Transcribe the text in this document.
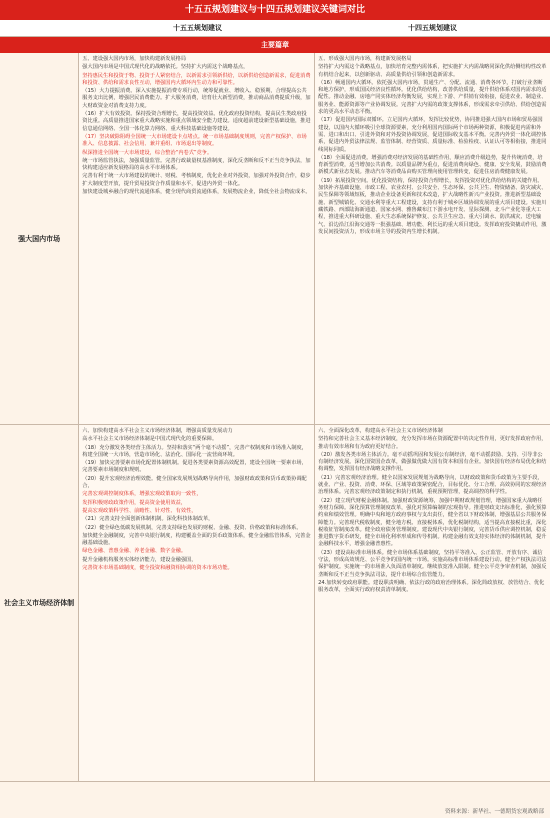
十五五规划建议与十四五规划建议关键词对比
十五五规划建议	十四五规划建议
主要篇章
强大国内市场

五、建设强大国内市场，加快构建新发展格局

强大国内市场是中国式现代化的战略依托。坚持扩大内需这个战略基点，

坚持惠民生和投资于物、投资于人紧密结合，以新需求引领新供给，以新供给创造新需求，促进消费和投资、供给和需求良性互动，增强国内大循环内生动力和可靠性。

（15）大力提振消费。深入实施提振消费专项行动，统筹促就业、增收入、稳预期，合理提高公共服务支出比例，增强居民消费能力。扩大服务消费，培育壮大新型消费，推动商品消费提质升级，加大财政资金对消费支持力度。

（16）扩大有效投资。保持投资合理增长，提高投资效益。优化政府投资结构，提高民生类政府投资比重。高质量推进国家重大战略实施和重点领域安全能力建设。适度超前建设新型基础设施，推进信息通信网络、全国一体化算力网络、重大科技基础设施等建设。

（17）坚决破除阻碍全国统一大市场建设卡点堵点。统一市场基础制度规则，完善产权保护、市场准入、信息披露、社会信用、兼并重组、市场退出等制度。

纵深推进全国统一大市场建设，综合整治“内卷式”竞争。

统一市场监管执法，加强质量监管。完善行政裁量权基准制度，深化反垄断和反不正当竞争执法，加快构建适应新发展格局的高水平市场体系。

完善有利于统一大市场建设的统计、财税、考核制度，优化企业对外投资，加强对外投资合作，稳步扩大制度型开放，提升贸易投资合作质量和水平，促进内外贸一体化。

加快建设城乡融合的现代流通体系，健全现代商贸流通体系，发展物流企业，降低全社会物流成本。

五、形成强大国内市场，构建新发展格局

坚持扩大内需这个战略基点，加快培育完整内需体系，把实施扩大内需战略同深化供给侧结构性改革有机结合起来，以创新驱动、高质量供给引领和创造新需求。

（16）畅通国内大循环。依托强大国内市场，贯通生产、分配、流通、消费各环节，打破行业垄断和地方保护，形成国民经济良性循环。优化供给结构，改善供给质量，提升供给体系对国内需求的适配性。推动金融、房地产同实体经济均衡发展，实现上下游、产供销有效衔接，促进农业、制造业、服务业、能源资源等产业协调发展。完善扩大内需的政策支撑体系，形成需求牵引供给、供给创造需求的更高水平动态平衡。

（17）促进国内国际双循环。立足国内大循环，发挥比较优势，协同推进强大国内市场和贸易强国建设，以国内大循环吸引全球资源要素，充分利用国内国际两个市场两种资源，积极促进内需和外需、进口和出口、引进外资和对外投资协调发展，促进国际收支基本平衡。完善内外贸一体化调控体系，促进内外贸法律法规、监管体制、经营资质、质量标准、检验检疫、认证认可等相衔接，推进同线同标同质。

（18）全面促进消费。增强消费对经济发展的基础性作用，顺应消费升级趋势，提升传统消费，培育新型消费，适当增加公共消费。以质量品牌为重点，促进消费向绿色、健康、安全发展，鼓励消费新模式新业态发展。推动汽车等消费品由购买管理向使用管理转变，促进住房消费健康发展。

（19）拓展投资空间。优化投资结构，保持投资合理增长，发挥投资对优化供给结构的关键作用。加快补齐基础设施、市政工程、农业农村、公共安全、生态环保、公共卫生、物资储备、防灾减灾、民生保障等领域短板，推动企业设备更新和技术改造，扩大战略性新兴产业投资。推进新型基础设施、新型城镇化、交通水利等重大工程建设，支持有利于城乡区域协调发展的重大项目建设。实施川藏铁路、西部陆海新通道、国家水网、雅鲁藏布江下游水电开发、星际探测、北斗产业化等重大工程，推进重大科研设施、重大生态系统保护修复、公共卫生应急、重大引调水、防洪减灾、送电输气、沿边沿江沿海交通等一批强基础、增功能、利长远的重大项目建设。发挥政府投资撬动作用，激发民间投资活力，形成市场主导的投资内生增长机制。

社会主义市场经济体制

六、加快构建高水平社会主义市场经济体制，增强高质量发展动力

高水平社会主义市场经济体制是中国式现代化的重要保障。

（18）充分激发各类经营主体活力。坚持和落实“两个毫不动摇”，完善产权制度和市场准入制度，构建全国统一大市场，营造市场化、法治化、国际化一流营商环境。

（19）加快完善要素市场化配置体制机制。促进各类要素资源高效配置，建设全国统一要素市场，完善要素市场制度和规则。

（20）提升宏观经济治理效能。健全国家发展规划战略导向作用，加强财政政策和货币政策协调配合，

完善宏观调控制度体系，增强宏观政策取向一致性，

发挥积极财政政策作用，提高资金使用效益，

提高宏观政策科学性、前瞻性、针对性、有效性，

（21）完善支持全面创新体制机制。深化科技体制改革，

（22）健全绿色低碳发展机制，完善支持绿色发展的财税、金融、投资、价格政策和标准体系。

加快健全金融制度，完善中央银行制度，构建覆盖全面的货币政策体系，健全金融监管体系，完善金融基础设施。

绿色金融、普惠金融、养老金融、数字金融。

提升金融机构服务实体经济能力，建设金融强国，

完善资本市场基础制度，健全投资和融资相协调的资本市场功能。

六、全面深化改革，构建高水平社会主义市场经济体制

坚持和完善社会主义基本经济制度，充分发挥市场在资源配置中的决定性作用，更好发挥政府作用，推动有效市场和有为政府更好结合。

（20）激发各类市场主体活力。毫不动摇巩固和发展公有制经济，毫不动摇鼓励、支持、引导非公有制经济发展。深化国资国企改革，做强做优做大国有资本和国有企业。加快国有经济布局优化和结构调整，发挥国有经济战略支撑作用。

（21）完善宏观经济治理。健全以国家发展规划为战略导向，以财政政策和货币政策为主要手段，就业、产业、投资、消费、环保、区域等政策紧密配合，目标优化、分工合理、高效协同的宏观经济治理体系。完善宏观经济政策制定和执行机制，重视预期管理，提高调控的科学性。

（22）建立现代财税金融体制。加强财政资源统筹，加强中期财政规划管理，增强国家重大战略任务财力保障。深化预算管理制度改革，强化对预算编制的宏观指导。推进财政支出标准化，强化预算约束和绩效管理。明确中央和地方政府事权与支出责任，健全省以下财政体制，增强基层公共服务保障能力。完善现代税收制度，健全地方税、直接税体系，优化税制结构，适当提高直接税比重，深化税收征管制度改革。健全政府债务管理制度。建设现代中央银行制度，完善货币供应调控机制，稳妥推进数字货币研发，健全市场化利率形成和传导机制。构建金融有效支持实体经济的体制机制，提升金融科技水平，增强金融普惠性。

（23）建设高标准市场体系。健全市场体系基础制度，坚持平等准入、公正监管、开放有序、诚信守法，形成高效规范、公平竞争的国内统一市场。实施高标准市场体系建设行动。健全产权执法司法保护制度。实施统一的市场准入负面清单制度。继续放宽准入限制。健全公平竞争审查机制，加强反垄断和反不正当竞争执法司法，提升市场综合监管能力。

24.加快转变政府职能。建设职责明确、依法行政的政府治理体系。深化简政放权、放管结合、优化服务改革，全面实行政府权责清单制度。

资料来源：新华社、一德期货宏观战略部
